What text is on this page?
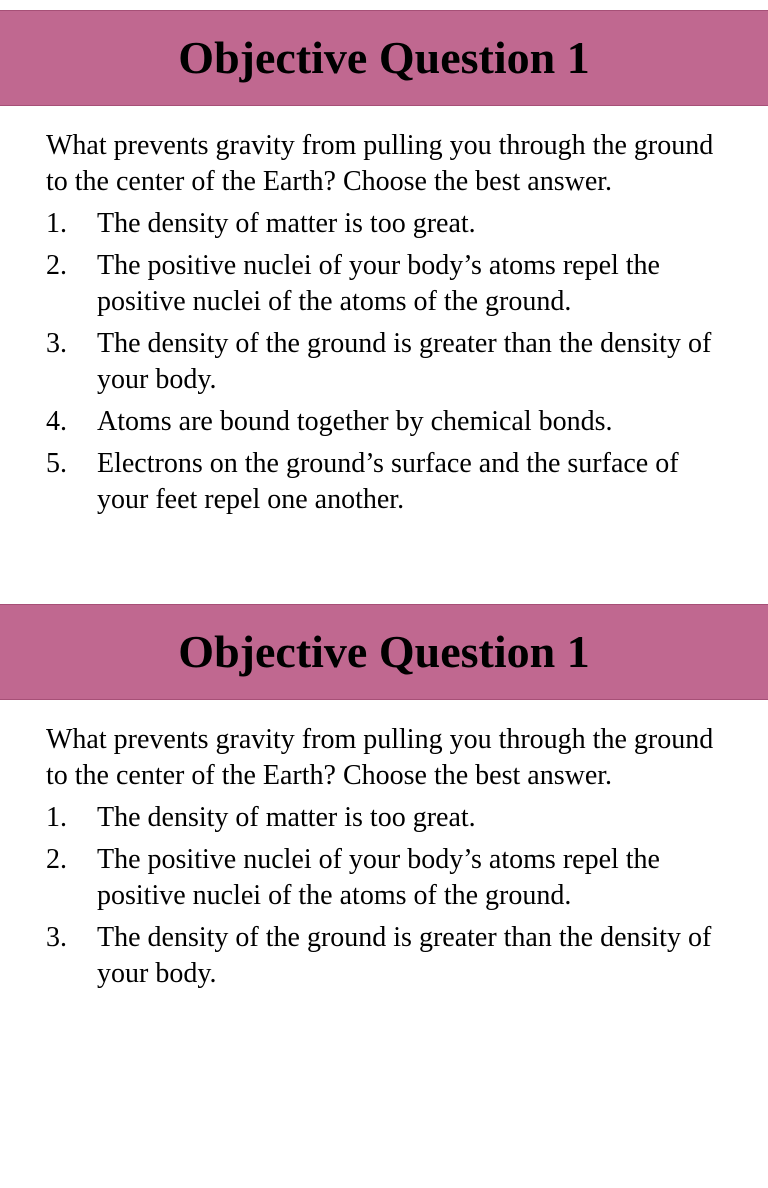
Objective Question 1

What prevents gravity from pulling you through the ground to the center of the Earth? Choose the best answer.

1. The density of matter is too great.
2. The positive nuclei of your body’s atoms repel the positive nuclei of the atoms of the ground.
3. The density of the ground is greater than the density of your body.
4. Atoms are bound together by chemical bonds.
5. Electrons on the ground’s surface and the surface of your feet repel one another.
Objective Question 1

What prevents gravity from pulling you through the ground to the center of the Earth? Choose the best answer.

1. The density of matter is too great.
2. The positive nuclei of your body’s atoms repel the positive nuclei of the atoms of the ground.
3. The density of the ground is greater than the density of your body.
